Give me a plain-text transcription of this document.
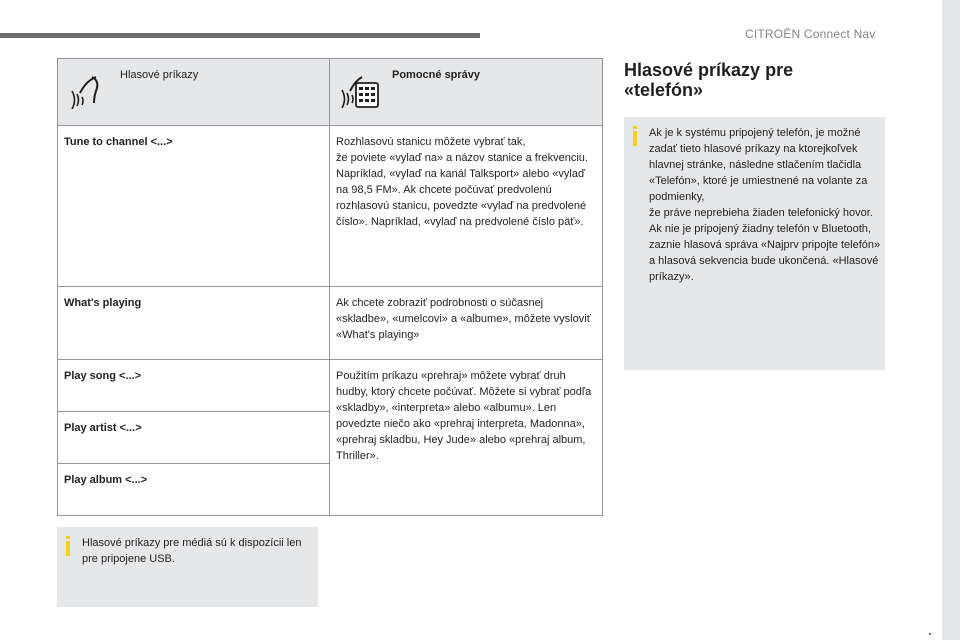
CITROËN Connect Nav
Hlasové príkazy	Pomocné správy

Tune to channel <...>	Rozhlasovú stanicu môžete vybrať tak,
že poviete «vylaď na» a názov stanice a frekvenciu. Napríklad, «vylaď na kanál Talksport» alebo «vylaď na 98,5 FM». Ak chcete počúvať predvolenú rozhlasovú stanicu, povedzte «vylaď na predvolené číslo». Napríklad, «vylaď na predvolené číslo päť».

What's playing	Ak chcete zobraziť podrobnosti o súčasnej «skladbe», «umelcovi» a «albume», môžete vysloviť «What's playing»

Play song <...>	Použitím príkazu «prehraj» môžete vybrať druh hudby, ktorý chcete počúvať. Môžete si vybrať podľa «skladby», «interpreta» alebo «albumu». Len povedzte niečo ako «prehraj interpreta, Madonna», «prehraj skladbu, Hey Jude» alebo «prehraj album, Thriller».

Play artist <...>	
Play album <...>	
Hlasové príkazy pre médiá sú k dispozícii len pre pripojene USB.
Hlasové príkazy pre «telefón»

Ak je k systému pripojený telefón, je možné zadať tieto hlasové príkazy na ktorejkoľvek hlavnej stránke, následne stlačením tlačidla «Telefón», ktoré je umiestnené na volante za podmienky,
že práve neprebieha žiaden telefonický hovor.
Ak nie je pripojený žiadny telefón v Bluetooth, zaznie hlasová správa «Najprv pripojte telefón» a hlasová sekvencia bude ukončená. «Hlasové príkazy».

.
